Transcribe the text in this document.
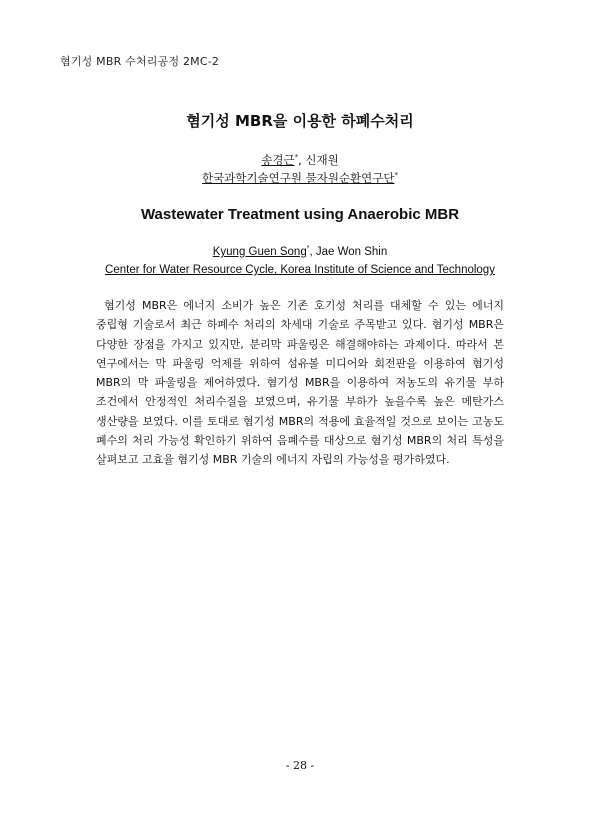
혐기성 MBR 수처리공정 2MC-2
혐기성 MBR을 이용한 하폐수처리
송경근*, 신재원
한국과학기술연구원 물자원순환연구단*
Wastewater Treatment using Anaerobic MBR
Kyung Guen Song*, Jae Won Shin
Center for Water Resource Cycle, Korea Institute of Science and Technology
혐기성 MBR은 에너지 소비가 높은 기존 호기성 처리를 대체할 수 있는 에너지 중립형 기술로서 최근 하폐수 처리의 차세대 기술로 주목받고 있다. 혐기성 MBR은 다양한 장점을 가지고 있지만, 분리막 파울링은 해결해야하는 과제이다. 따라서 본 연구에서는 막 파울링 억제를 위하여 섬유볼 미디어와 회전판을 이용하여 혐기성 MBR의 막 파울링을 제어하였다. 혐기성 MBR을 이용하여 저농도의 유기물 부하 조건에서 안정적인 처리수질을 보였으며, 유기물 부하가 높을수록 높은 메탄가스 생산량을 보였다. 이를 토대로 혐기성 MBR의 적용에 효율적일 것으로 보이는 고농도 폐수의 처리 가능성 확인하기 위하여 음폐수를 대상으로 혐기성 MBR의 처리 특성을 살펴보고 고효율 혐기성 MBR 기술의 에너지 자립의 가능성을 평가하였다.
- 28 -
